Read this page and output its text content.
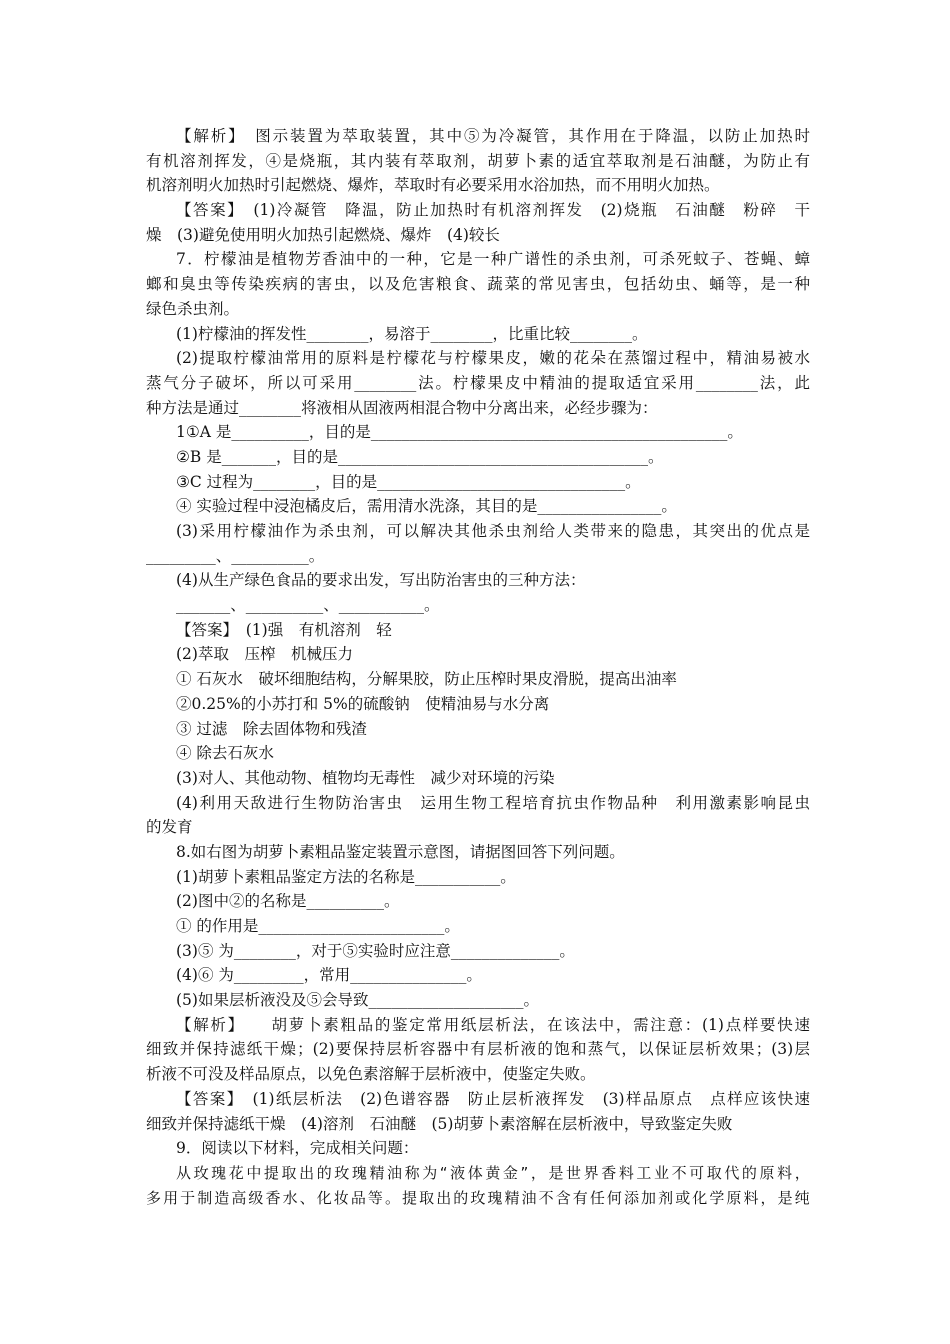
【解析】　图示装置为萃取装置，其中⑤为冷凝管，其作用在于降温，以防止加热时
有机溶剂挥发，④是烧瓶，其内装有萃取剂，胡萝卜素的适宜萃取剂是石油醚，为防止有
机溶剂明火加热时引起燃烧、爆炸，萃取时有必要采用水浴加热，而不用明火加热。
【答案】　(1)冷凝管　降温，防止加热时有机溶剂挥发　(2)烧瓶　石油醚　粉碎　干
燥　(3)避免使用明火加热引起燃烧、爆炸　(4)较长
7．柠檬油是植物芳香油中的一种，它是一种广谱性的杀虫剂，可杀死蚊子、苍蝇、蟑
螂和臭虫等传染疾病的害虫，以及危害粮食、蔬菜的常见害虫，包括幼虫、蛹等，是一种
绿色杀虫剂。
(1)柠檬油的挥发性________，易溶于________，比重比较________。
(2)提取柠檬油常用的原料是柠檬花与柠檬果皮，嫩的花朵在蒸馏过程中，精油易被水
蒸气分子破坏，所以可采用________法。柠檬果皮中精油的提取适宜采用________法，此
种方法是通过________将液相从固液两相混合物中分离出来，必经步骤为：
1①A 是__________，目的是______________________________________________。
②B 是_______，目的是________________________________________。
③C 过程为________，目的是________________________________。
④ 实验过程中浸泡橘皮后，需用清水洗涤，其目的是________________。
(3)采用柠檬油作为杀虫剂，可以解决其他杀虫剂给人类带来的隐患，其突出的优点是
_________、__________。
(4)从生产绿色食品的要求出发，写出防治害虫的三种方法：
_______、__________、___________。
【答案】　(1)强　有机溶剂　轻
(2)萃取　压榨　机械压力
① 石灰水　破坏细胞结构，分解果胶，防止压榨时果皮滑脱，提高出油率
②0.25%的小苏打和 5%的硫酸钠　使精油易与水分离
③ 过滤　除去固体物和残渣
④ 除去石灰水
(3)对人、其他动物、植物均无毒性　减少对环境的污染
(4)利用天敌进行生物防治害虫　运用生物工程培育抗虫作物品种　利用激素影响昆虫
的发育
8.如右图为胡萝卜素粗品鉴定装置示意图，请据图回答下列问题。
(1)胡萝卜素粗品鉴定方法的名称是___________。
(2)图中②的名称是__________。
① 的作用是________________________。
(3)⑤ 为________，对于⑤实验时应注意______________。
(4)⑥ 为_________，常用_______________。
(5)如果层析液没及⑤会导致____________________。
【解析】　　胡萝卜素粗品的鉴定常用纸层析法，在该法中，需注意：(1)点样要快速
细致并保持滤纸干燥；(2)要保持层析容器中有层析液的饱和蒸气，以保证层析效果；(3)层
析液不可没及样品原点，以免色素溶解于层析液中，使鉴定失败。
【答案】　(1)纸层析法　(2)色谱容器　防止层析液挥发　(3)样品原点　点样应该快速
细致并保持滤纸干燥　(4)溶剂　石油醚　(5)胡萝卜素溶解在层析液中，导致鉴定失败
9．阅读以下材料，完成相关问题：
从玫瑰花中提取出的玫瑰精油称为“液体黄金”，是世界香料工业不可取代的原料，
多用于制造高级香水、化妆品等。提取出的玫瑰精油不含有任何添加剂或化学原料，是纯
